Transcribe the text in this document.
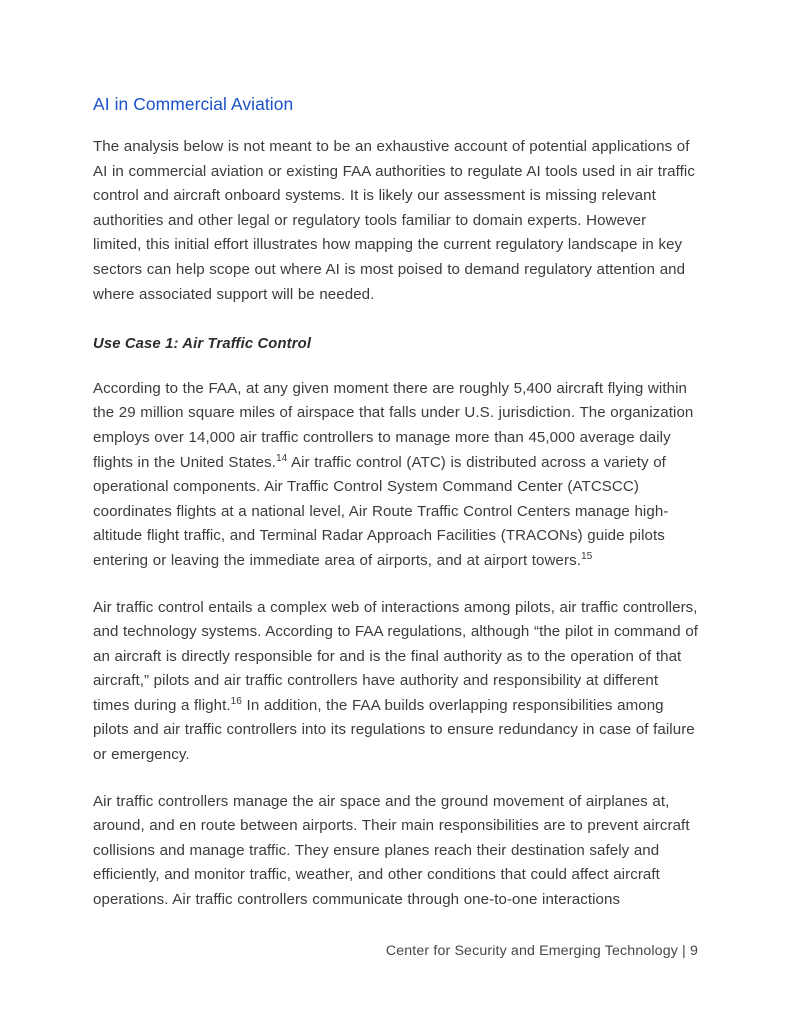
AI in Commercial Aviation

The analysis below is not meant to be an exhaustive account of potential applications of AI in commercial aviation or existing FAA authorities to regulate AI tools used in air traffic control and aircraft onboard systems. It is likely our assessment is missing relevant authorities and other legal or regulatory tools familiar to domain experts. However limited, this initial effort illustrates how mapping the current regulatory landscape in key sectors can help scope out where AI is most poised to demand regulatory attention and where associated support will be needed.

Use Case 1: Air Traffic Control

According to the FAA, at any given moment there are roughly 5,400 aircraft flying within the 29 million square miles of airspace that falls under U.S. jurisdiction. The organization employs over 14,000 air traffic controllers to manage more than 45,000 average daily flights in the United States.$^{14}$ Air traffic control (ATC) is distributed across a variety of operational components. Air Traffic Control System Command Center (ATCSCC) coordinates flights at a national level, Air Route Traffic Control Centers manage high-altitude flight traffic, and Terminal Radar Approach Facilities (TRACONs) guide pilots entering or leaving the immediate area of airports, and at airport towers.$^{15}$

Air traffic control entails a complex web of interactions among pilots, air traffic controllers, and technology systems. According to FAA regulations, although “the pilot in command of an aircraft is directly responsible for and is the final authority as to the operation of that aircraft,” pilots and air traffic controllers have authority and responsibility at different times during a flight.$^{16}$ In addition, the FAA builds overlapping responsibilities among pilots and air traffic controllers into its regulations to ensure redundancy in case of failure or emergency.

Air traffic controllers manage the air space and the ground movement of airplanes at, around, and en route between airports. Their main responsibilities are to prevent aircraft collisions and manage traffic. They ensure planes reach their destination safely and efficiently, and monitor traffic, weather, and other conditions that could affect aircraft operations. Air traffic controllers communicate through one-to-one interactions

Center for Security and Emerging Technology | 9
